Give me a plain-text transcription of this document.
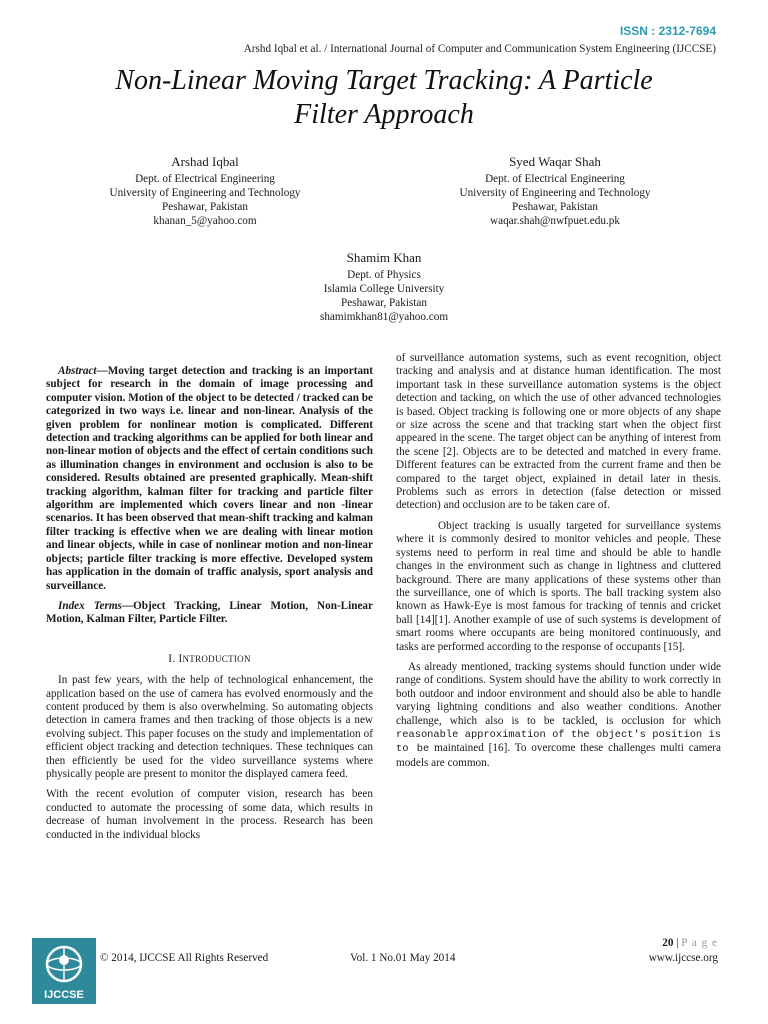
ISSN : 2312-7694
Arshd Iqbal et al. / International Journal of Computer and Communication System Engineering (IJCCSE)
Non-Linear Moving Target Tracking: A Particle
Filter Approach
Arshad Iqbal
Dept. of Electrical Engineering
University of Engineering and Technology
Peshawar, Pakistan
khanan_5@yahoo.com
Syed Waqar Shah
Dept. of Electrical Engineering
University of Engineering and Technology
Peshawar, Pakistan
waqar.shah@nwfpuet.edu.pk
Shamim Khan
Dept. of Physics
Islamia College University
Peshawar, Pakistan
shamimkhan81@yahoo.com

Abstract—Moving target detection and tracking is an important subject for research in the domain of image processing and computer vision. Motion of the object to be detected / tracked can be categorized in two ways i.e. linear and non-linear. Analysis of the given problem for nonlinear motion is complicated. Different detection and tracking algorithms can be applied for both linear and non-linear motion of objects and the effect of certain conditions such as illumination changes in environment and occlusion is also to be considered. Results obtained are presented graphically. Mean-shift tracking algorithm, kalman filter for tracking and particle filter algorithm are implemented which covers linear and non -linear scenarios. It has been observed that mean-shift tracking and kalman filter tracking is effective when we are dealing with linear motion and linear objects, while in case of nonlinear motion and non-linear objects; particle filter tracking is more effective. Developed system has application in the domain of traffic analysis, sport analysis and surveillance.

Index Terms—Object Tracking, Linear Motion, Non-Linear Motion, Kalman Filter, Particle Filter.

I. INTRODUCTION

In past few years, with the help of technological enhancement, the application based on the use of camera has evolved enormously and the content produced by them is also overwhelming. So automating objects detection in camera frames and then tracking of those objects is a new evolving subject. This paper focuses on the study and implementation of efficient object tracking and detection techniques. These techniques can then efficiently be used for the video surveillance systems where physically people are present to monitor the displayed camera feed.

With the recent evolution of computer vision, research has been conducted to automate the processing of some data, which results in decrease of human involvement in the process. Research has been conducted in the individual blocks

of surveillance automation systems, such as event recognition, object tracking and analysis and at distance human identification. The most important task in these surveillance automation systems is the object detection and tacking, on which the use of other advanced technologies is based. Object tracking is following one or more objects of any shape or size across the scene and that tracking start when the object first appeared in the scene. The target object can be anything of interest from the scene [2]. Objects are to be detected and matched in every frame. Different features can be extracted from the current frame and then be compared to the target object, explained in detail later in thesis. Problems such as errors in detection (false detection or missed detection) and occlusion are to be taken care of.

Object tracking is usually targeted for surveillance systems where it is commonly desired to monitor vehicles and people. These systems need to perform in real time and should be able to handle changes in the environment such as change in lightness and cluttered background. There are many applications of these systems other than the surveillance, one of which is sports. The ball tracking system also known as Hawk-Eye is most famous for tracking of tennis and cricket ball [14][1]. Another example of use of such systems is development of smart rooms where occupants are being monitored continuously, and tasks are performed according to the response of occupants [15].

As already mentioned, tracking systems should function under wide range of conditions. System should have the ability to work correctly in both outdoor and indoor environment and should also be able to handle varying lightning conditions and also weather conditions. Another challenge, which also is to be tackled, is occlusion for which reasonable approximation of the object's position is to be maintained [16]. To overcome these challenges multi camera models are common.

IJCCSE
20 | P a g e
© 2014, IJCCSE All Rights Reserved	Vol. 1 No.01 May 2014	www.ijccse.org
